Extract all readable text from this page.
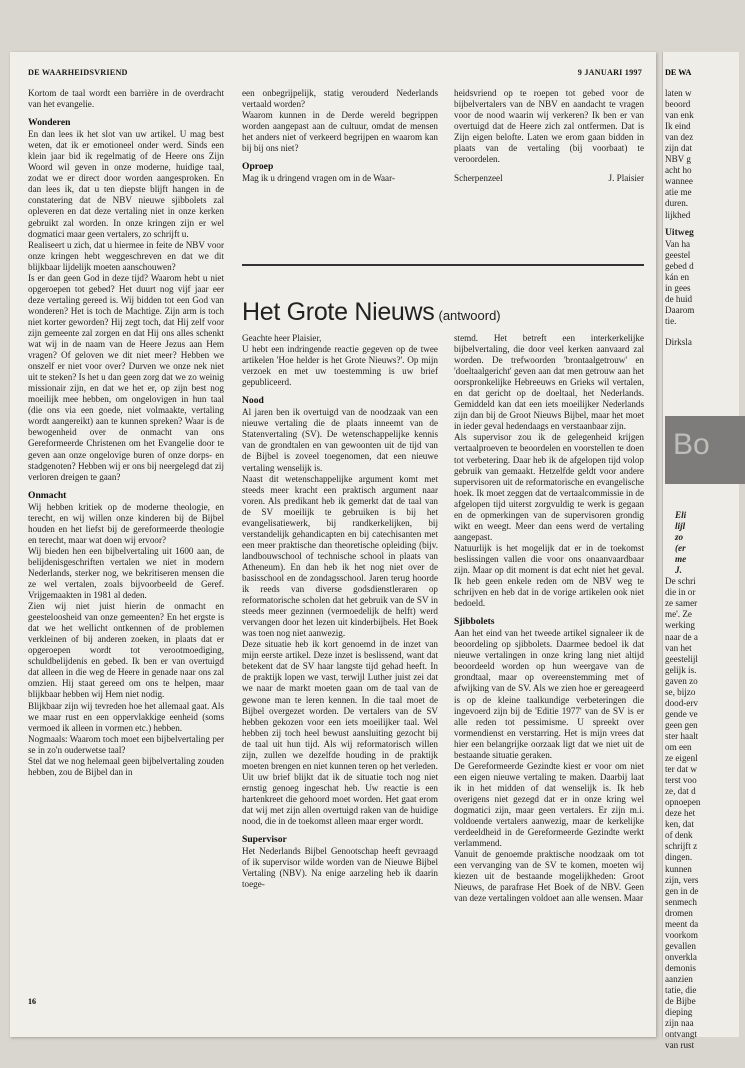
DE WAARHEIDSVRIEND	9 JANUARI 1997

Kortom de taal wordt een barrière in de overdracht van het evangelie.

Wonderen

En dan lees ik het slot van uw artikel. U mag best weten, dat ik er emotioneel onder werd. Sinds een klein jaar bid ik regelmatig of de Heere ons Zijn Woord wil geven in onze moderne, huidige taal, zodat we er direct door worden aangesproken. En dan lees ik, dat u ten diepste blijft hangen in de constatering dat de NBV nieuwe sjibbolets zal opleveren en dat deze vertaling niet in onze kerken gebruikt zal worden. In onze kringen zijn er wel dogmatici maar geen vertalers, zo schrijft u.

Realiseert u zich, dat u hiermee in feite de NBV voor onze kringen hebt weggeschreven en dat we dit blijkbaar lijdelijk moeten aanschouwen?

Is er dan geen God in deze tijd? Waarom hebt u niet opgeroepen tot gebed? Het duurt nog vijf jaar eer deze vertaling gereed is. Wij bidden tot een God van wonderen? Het is toch de Machtige. Zijn arm is toch niet korter geworden? Hij zegt toch, dat Hij zelf voor zijn gemeente zal zorgen en dat Hij ons alles schenkt wat wij in de naam van de Heere Jezus aan Hem vragen? Of geloven we dit niet meer? Hebben we onszelf er niet voor over? Durven we onze nek niet uit te steken? Is het u dan geen zorg dat we zo weinig missionair zijn, en dat we het er, op zijn best nog moeilijk mee hebben, om ongelovigen in hun taal (die ons via een goede, niet volmaakte, vertaling wordt aangereikt) aan te kunnen spreken? Waar is de bewogenheid over de onmacht van ons Gereformeerde Christenen om het Evangelie door te geven aan onze ongelovige buren of onze dorps- en stadgenoten? Hebben wij er ons bij neergelegd dat zij verloren dreigen te gaan?

Onmacht

Wij hebben kritiek op de moderne theologie, en terecht, en wij willen onze kinderen bij de Bijbel houden en het liefst bij de gereformeerde theologie en terecht, maar wat doen wij ervoor?

Wij bieden hen een bijbelvertaling uit 1600 aan, de belijdenisgeschriften vertalen we niet in modern Nederlands, sterker nog, we bekritiseren mensen die ze wel vertalen, zoals bijvoorbeeld de Geref. Vrijgemaakten in 1981 al deden.

Zien wij niet juist hierin de onmacht en geesteloosheid van onze gemeenten? En het ergste is dat we het wellicht ontkennen of de problemen verkleinen of bij anderen zoeken, in plaats dat er opgeroepen wordt tot verootmoediging, schuldbelijdenis en gebed. Ik ben er van overtuigd dat alleen in die weg de Heere in genade naar ons zal omzien. Hij staat gereed om ons te helpen, maar blijkbaar hebben wij Hem niet nodig.

Blijkbaar zijn wij tevreden hoe het allemaal gaat. Als we maar rust en een oppervlakkige eenheid (soms vermoed ik alleen in vormen etc.) hebben.

Nogmaals: Waarom toch moet een bijbelvertaling per se in zo'n ouderwetse taal?

Stel dat we nog helemaal geen bijbelvertaling zouden hebben, zou de Bijbel dan in

een onbegrijpelijk, statig verouderd Nederlands vertaald worden?

Waarom kunnen in de Derde wereld begrippen worden aangepast aan de cultuur, omdat de mensen het anders niet of verkeerd begrijpen en waarom kan bij bij ons niet?

Oproep

Mag ik u dringend vragen om in de Waar-

heidsvriend op te roepen tot gebed voor de bijbelvertalers van de NBV en aandacht te vragen voor de nood waarin wij verkeren? Ik ben er van overtuigd dat de Heere zich zal ontfermen. Dat is Zijn eigen belofte. Laten we erom gaan bidden in plaats van de vertaling (bij voorbaat) te veroordelen.

Scherpenzeel	J. Plaisier
Het Grote Nieuws (antwoord)

Geachte heer Plaisier,

U hebt een indringende reactie gegeven op de twee artikelen 'Hoe helder is het Grote Nieuws?'. Op mijn verzoek en met uw toestemming is uw brief gepubliceerd.

Nood

Al jaren ben ik overtuigd van de noodzaak van een nieuwe vertaling die de plaats inneemt van de Statenvertaling (SV). De wetenschappelijke kennis van de grondtalen en van gewoonten uit de tijd van de Bijbel is zoveel toegenomen, dat een nieuwe vertaling wenselijk is.

Naast dit wetenschappelijke argument komt met steeds meer kracht een praktisch argument naar voren. Als predikant heb ik gemerkt dat de taal van de SV moeilijk te gebruiken is bij het evangelisatiewerk, bij randkerkelijken, bij verstandelijk gehandicapten en bij catechisanten met een meer praktische dan theoretische opleiding (bijv. landbouwschool of technische school in plaats van Atheneum). En dan heb ik het nog niet over de basisschool en de zondagsschool. Jaren terug hoorde ik reeds van diverse godsdienstleraren op reformatorische scholen dat het gebruik van de SV in steeds meer gezinnen (vermoedelijk de helft) werd vervangen door het lezen uit kinderbijbels. Het Boek was toen nog niet aanwezig.

Deze situatie heb ik kort genoemd in de inzet van mijn eerste artikel. Deze inzet is beslissend, want dat betekent dat de SV haar langste tijd gehad heeft. In de praktijk lopen we vast, terwijl Luther juist zei dat we naar de markt moeten gaan om de taal van de gewone man te leren kennen. In die taal moet de Bijbel overgezet worden. De vertalers van de SV hebben gekozen voor een iets moeilijker taal. Wel hebben zij toch heel bewust aansluiting gezocht bij de taal uit hun tijd. Als wij reformatorisch willen zijn, zullen we dezelfde houding in de praktijk moeten brengen en niet kunnen teren op het verleden.

Uit uw brief blijkt dat ik de situatie toch nog niet ernstig genoeg ingeschat heb. Uw reactie is een hartenkreet die gehoord moet worden. Het gaat erom dat wij met zijn allen overtuigd raken van de huidige nood, die in de toekomst alleen maar erger wordt.

Supervisor

Het Nederlands Bijbel Genootschap heeft gevraagd of ik supervisor wilde worden van de Nieuwe Bijbel Vertaling (NBV). Na enige aarzeling heb ik daarin toege-

stemd. Het betreft een interkerkelijke bijbelvertaling, die door veel kerken aanvaard zal worden. De trefwoorden 'brontaalgetrouw' en 'doeltaalgericht' geven aan dat men getrouw aan het oorspronkelijke Hebreeuws en Grieks wil vertalen, en dat gericht op de doeltaal, het Nederlands. Gemiddeld kan dat een iets moeilijker Nederlands zijn dan bij de Groot Nieuws Bijbel, maar het moet in ieder geval hedendaags en verstaanbaar zijn.

Als supervisor zou ik de gelegenheid krijgen vertaalproeven te beoordelen en voorstellen te doen tot verbetering. Daar heb ik de afgelopen tijd volop gebruik van gemaakt. Hetzelfde geldt voor andere supervisoren uit de reformatorische en evangelische hoek. Ik moet zeggen dat de vertaalcommissie in de afgelopen tijd uiterst zorgvuldig te werk is gegaan en de opmerkingen van de supervisoren grondig wikt en weegt. Meer dan eens werd de vertaling aangepast.

Natuurlijk is het mogelijk dat er in de toekomst beslissingen vallen die voor ons onaanvaardbaar zijn. Maar op dit moment is dat echt niet het geval. Ik heb geen enkele reden om de NBV weg te schrijven en heb dat in de vorige artikelen ook niet bedoeld.

Sjibbolets

Aan het eind van het tweede artikel signaleer ik de beoordeling op sjibbolets. Daarmee bedoel ik dat nieuwe vertalingen in onze kring lang niet altijd beoordeeld worden op hun weergave van de grondtaal, maar op overeenstemming met of afwijking van de SV. Als we zien hoe er gereageerd is op de kleine taalkundige verbeteringen die ingevoerd zijn bij de 'Editie 1977' van de SV is er alle reden tot pessimisme. U spreekt over vormendienst en verstarring. Het is mijn vrees dat hier een belangrijke oorzaak ligt dat we niet uit de bestaande situatie geraken.

De Gereformeerde Gezindte kiest er voor om niet een eigen nieuwe vertaling te maken. Daarbij laat ik in het midden of dat wenselijk is. Ik heb overigens niet gezegd dat er in onze kring wel dogmatici zijn, maar geen vertalers. Er zijn m.i. voldoende vertalers aanwezig, maar de kerkelijke verdeeldheid in de Gereformeerde Gezindte werkt verlammend.

Vanuit de genoemde praktische noodzaak om tot een vervanging van de SV te komen, moeten wij kiezen uit de bestaande mogelijkheden: Groot Nieuws, de parafrase Het Boek of de NBV. Geen van deze vertalingen voldoet aan alle wensen. Maar

16
DE WA
laten w
beoord
van enk
Ik eind
van dez
zijn dat
NBV g
acht ho
wannee
atie me
duren.
lijkhed
Uitweg
Van ha
geestel
gebed d
kán en
in gees
de huid
Daarom
tie.
Dirksla
Bo
Eli
lijl
zo
(er
me
J.
De schri
die in or
ze samer
me'. Ze
werking
naar de a
van het
geestelijl
gelijk is.
gaven zo
se, bijzo
dood-erv
gende ve
geen gen
ster haalt
om een
ze eigenl
ter dat w
terst voo
ze, dat d
opnoepen
deze het
ken, dat
of denk
schrijft z
dingen.
kunnen
zijn, vers
gen in de
senmech
dromen
meent da
voorkom
gevallen
onverkla
demonis
aanzien
tatie, die
de Bijbe
dieping
zijn naa
ontvangt
van rust
